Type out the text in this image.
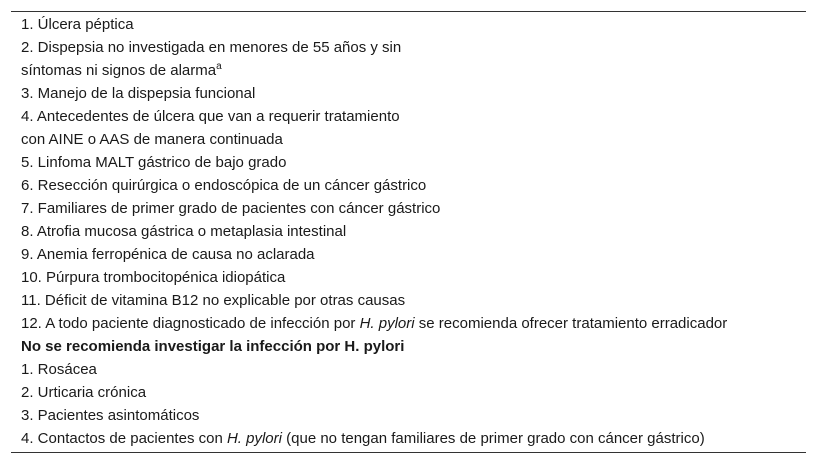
1. Úlcera péptica
2. Dispepsia no investigada en menores de 55 años y sin
síntomas ni signos de alarma$^a$
3. Manejo de la dispepsia funcional
4. Antecedentes de úlcera que van a requerir tratamiento
con AINE o AAS de manera continuada
5. Linfoma MALT gástrico de bajo grado
6. Resección quirúrgica o endoscópica de un cáncer gástrico
7. Familiares de primer grado de pacientes con cáncer gástrico
8. Atrofia mucosa gástrica o metaplasia intestinal
9. Anemia ferropénica de causa no aclarada
10. Púrpura trombocitopénica idiopática
11. Déficit de vitamina B12 no explicable por otras causas
12. A todo paciente diagnosticado de infección por H. pylori se recomienda ofrecer tratamiento erradicador
No se recomienda investigar la infección por H. pylori
1. Rosácea
2. Urticaria crónica
3. Pacientes asintomáticos
4. Contactos de pacientes con H. pylori (que no tengan familiares de primer grado con cáncer gástrico)
